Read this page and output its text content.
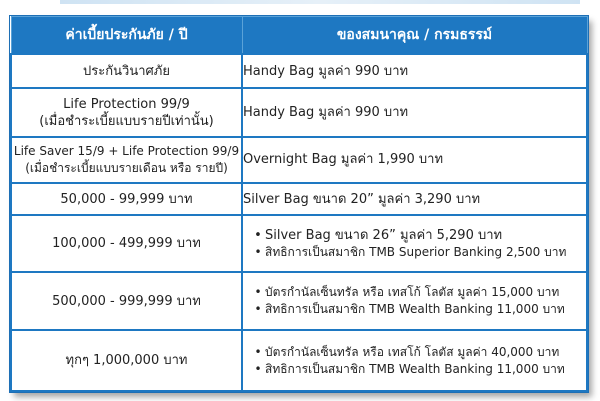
ค่าเบี้ยประกันภัย / ปี	ของสมนาคุณ / กรมธรรม์

ประกันวินาศภัย	Handy Bag มูลค่า 990 บาท

Life Protection 99/9
(เมื่อชำระเบี้ยแบบรายปีเท่านั้น)	Handy Bag มูลค่า 990 บาท

Life Saver 15/9 + Life Protection 99/9
(เมื่อชำระเบี้ยแบบรายเดือน หรือ รายปี)	Overnight Bag มูลค่า 1,990 บาท

50,000 - 99,999 บาท	Silver Bag ขนาด 20” มูลค่า 3,290 บาท

100,000 - 499,999 บาท	• Silver Bag ขนาด 26” มูลค่า 5,290 บาท
• สิทธิการเป็นสมาชิก TMB Superior Banking 2,500 บาท

500,000 - 999,999 บาท	• บัตรกำนัลเซ็นทรัล หรือ เทสโก้ โลตัส มูลค่า 15,000 บาท
• สิทธิการเป็นสมาชิก TMB Wealth Banking 11,000 บาท

ทุกๆ 1,000,000 บาท	• บัตรกำนัลเซ็นทรัล หรือ เทสโก้ โลตัส มูลค่า 40,000 บาท
• สิทธิการเป็นสมาชิก TMB Wealth Banking 11,000 บาท
